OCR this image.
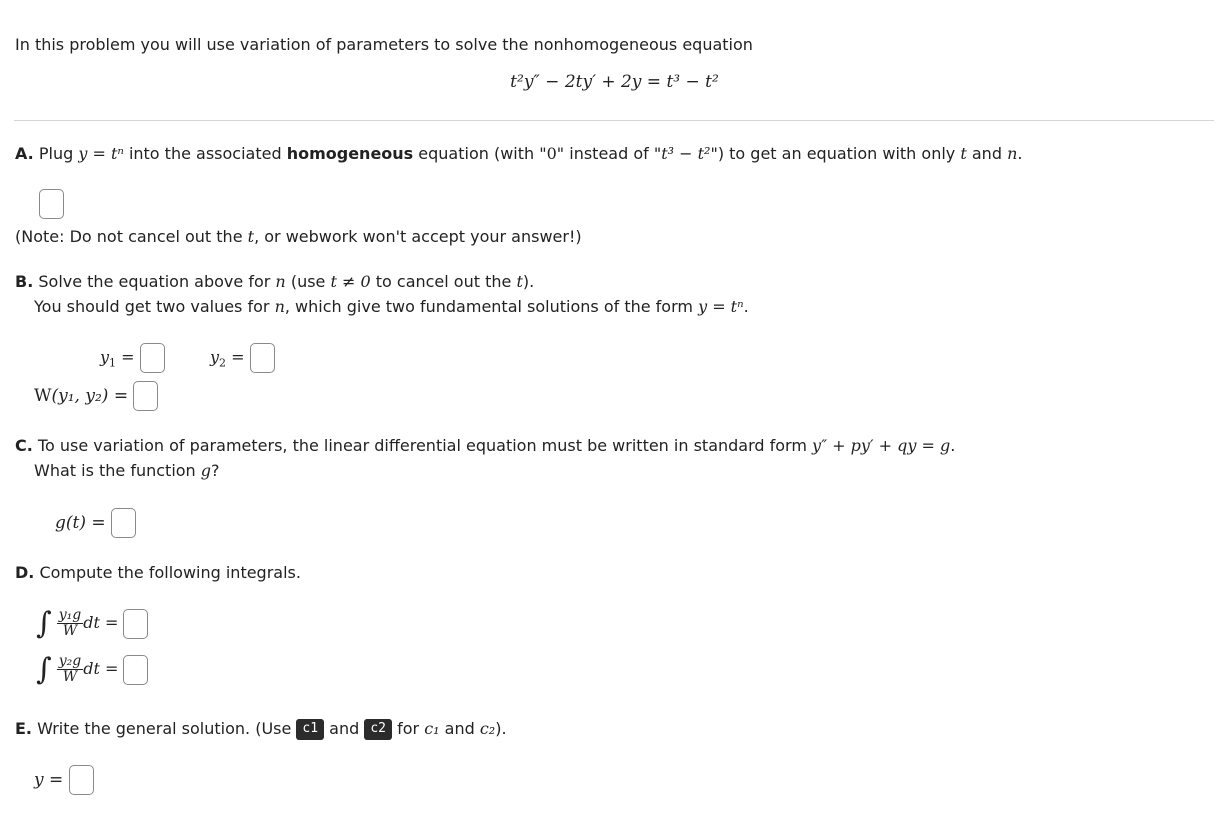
In this problem you will use variation of parameters to solve the nonhomogeneous equation
t²y″ − 2ty′ + 2y = t³ − t²
A. Plug y = tⁿ into the associated homogeneous equation (with "0" instead of "t³ − t²") to get an equation with only t and n.
(Note: Do not cancel out the t, or webwork won't accept your answer!)
B. Solve the equation above for n (use t ≠ 0 to cancel out the t).
You should get two values for n, which give two fundamental solutions of the form y = tⁿ.
$y_1$ =	$y_2$ =
W(y₁, y₂) =
C. To use variation of parameters, the linear differential equation must be written in standard form y″ + py′ + qy = g.
What is the function g?
g(t) =
D. Compute the following integrals.
∫ $\frac{\text{y₁g}}{W}$ dt =
∫ $\frac{\text{y₂g}}{W}$ dt =
E. Write the general solution. (Use c1 and c2 for c₁ and c₂).
y =
